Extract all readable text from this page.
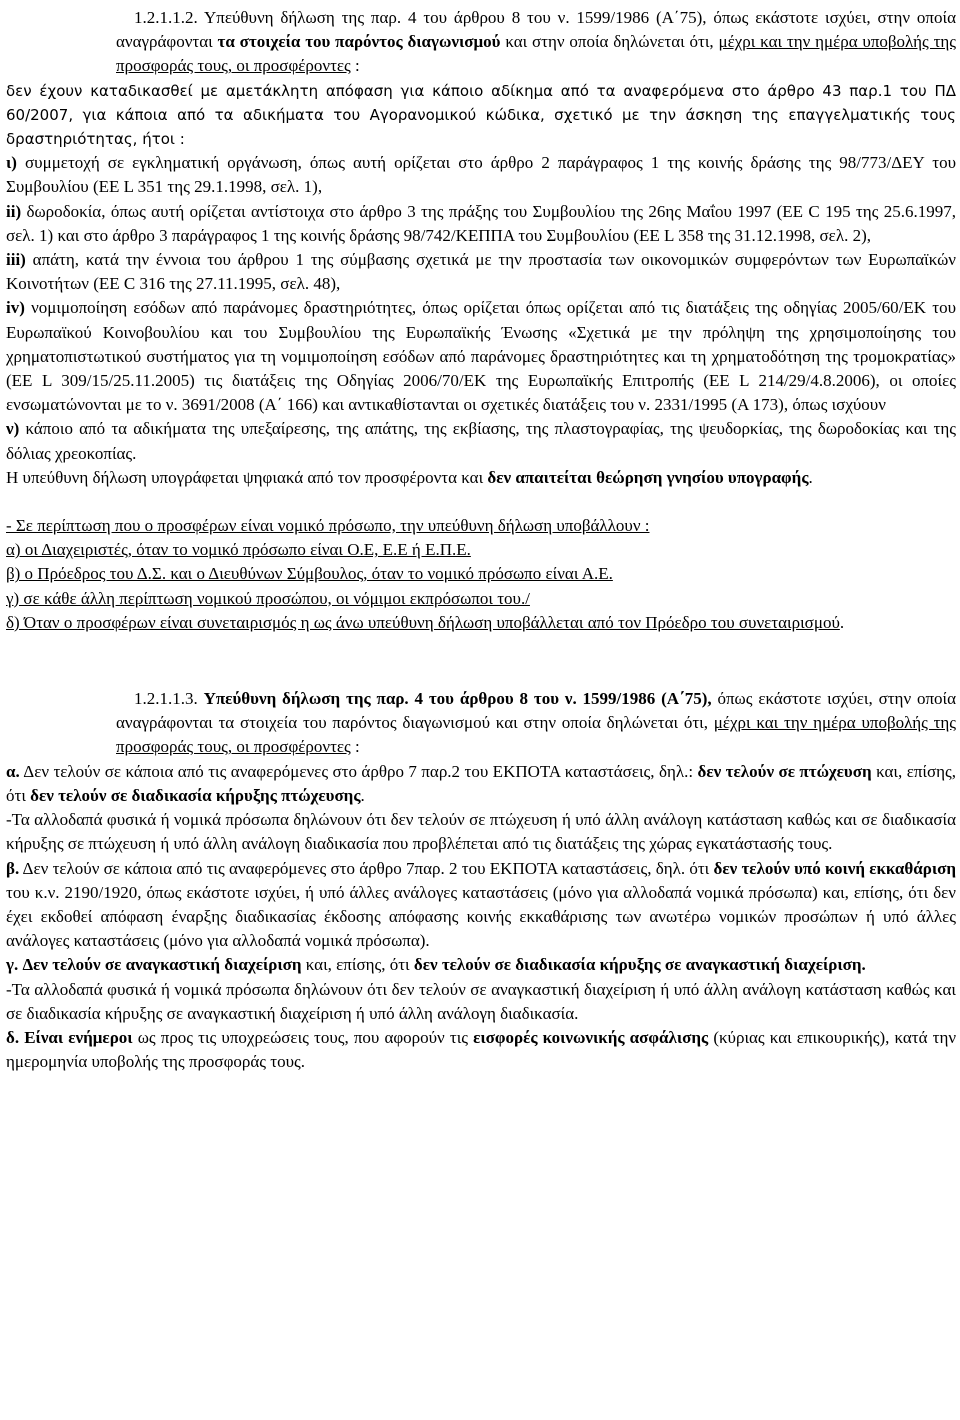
1.2.1.1.2. Υπεύθυνη δήλωση της παρ. 4 του άρθρου 8 του ν. 1599/1986 (Α΄75), όπως εκάστοτε ισχύει, στην οποία αναγράφονται τα στοιχεία του παρόντος διαγωνισμού και στην οποία δηλώνεται ότι, μέχρι και την ημέρα υποβολής της προσφοράς τους, οι προσφέροντες :

δεν έχουν καταδικασθεί με αμετάκλητη απόφαση για κάποιο αδίκημα από τα αναφερόμενα στο άρθρο 43 παρ.1 του ΠΔ 60/2007, για κάποια από τα αδικήματα του Αγορανομικού κώδικα, σχετικό με την άσκηση της επαγγελματικής τους δραστηριότητας, ήτοι :

ι) συμμετοχή σε εγκληματική οργάνωση, όπως αυτή ορίζεται στο άρθρο 2 παράγραφος 1 της κοινής δράσης της 98/773/ΔΕΥ του Συμβουλίου (ΕΕ L 351 της 29.1.1998, σελ. 1),

ii) δωροδοκία, όπως αυτή ορίζεται αντίστοιχα στο άρθρο 3 της πράξης του Συμβουλίου της 26ης Μαΐου 1997 (ΕΕ C 195 της 25.6.1997, σελ. 1) και στο άρθρο 3 παράγραφος 1 της κοινής δράσης 98/742/ΚΕΠΠΑ του Συμβουλίου (ΕΕ L 358 της 31.12.1998, σελ. 2),

iii) απάτη, κατά την έννοια του άρθρου 1 της σύμβασης σχετικά με την προστασία των οικονομικών συμφερόντων των Ευρωπαϊκών Κοινοτήτων (ΕΕ C 316 της 27.11.1995, σελ. 48),

iv) νομιμοποίηση εσόδων από παράνομες δραστηριότητες, όπως ορίζεται όπως ορίζεται από τις διατάξεις της οδηγίας 2005/60/ΕΚ του Ευρωπαϊκού Κοινοβουλίου και του Συμβουλίου της Ευρωπαϊκής Ένωσης «Σχετικά με την πρόληψη της χρησιμοποίησης του χρηματοπιστωτικού συστήματος για τη νομιμοποίηση εσόδων από παράνομες δραστηριότητες και τη χρηματοδότηση της τρομοκρατίας» (ΕΕ L 309/15/25.11.2005) τις διατάξεις της Οδηγίας 2006/70/ΕΚ της Ευρωπαϊκής Επιτροπής (ΕΕ L 214/29/4.8.2006), οι οποίες ενσωματώνονται με το ν. 3691/2008 (Α΄ 166) και αντικαθίστανται οι σχετικές διατάξεις του ν. 2331/1995 (Α 173), όπως ισχύουν

ν) κάποιο από τα αδικήματα της υπεξαίρεσης, της απάτης, της εκβίασης, της πλαστογραφίας, της ψευδορκίας, της δωροδοκίας και της δόλιας χρεοκοπίας.

Η υπεύθυνη δήλωση υπογράφεται ψηφιακά από τον προσφέροντα και δεν απαιτείται θεώρηση γνησίου υπογραφής.

- Σε περίπτωση που ο προσφέρων είναι νομικό πρόσωπο, την υπεύθυνη δήλωση υποβάλλουν :

α) οι Διαχειριστές, όταν το νομικό πρόσωπο είναι Ο.Ε, Ε.Ε ή Ε.Π.Ε.

β) ο Πρόεδρος του Δ.Σ. και ο Διευθύνων Σύμβουλος, όταν το νομικό πρόσωπο είναι Α.Ε.

γ) σε κάθε άλλη περίπτωση νομικού προσώπου, οι νόμιμοι εκπρόσωποι του./

δ) Όταν ο προσφέρων είναι συνεταιρισμός η ως άνω υπεύθυνη δήλωση υποβάλλεται από τον Πρόεδρο του συνεταιρισμού.

1.2.1.1.3. Υπεύθυνη δήλωση της παρ. 4 του άρθρου 8 του ν. 1599/1986 (Α΄75), όπως εκάστοτε ισχύει, στην οποία αναγράφονται τα στοιχεία του παρόντος διαγωνισμού και στην οποία δηλώνεται ότι, μέχρι και την ημέρα υποβολής της προσφοράς τους, οι προσφέροντες :

α. Δεν τελούν σε κάποια από τις αναφερόμενες στο άρθρο 7 παρ.2 του ΕΚΠΟΤΑ καταστάσεις, δηλ.: δεν τελούν σε πτώχευση και, επίσης, ότι δεν τελούν σε διαδικασία κήρυξης πτώχευσης.

-Τα αλλοδαπά φυσικά ή νομικά πρόσωπα δηλώνουν ότι δεν τελούν σε πτώχευση ή υπό άλλη ανάλογη κατάσταση καθώς και σε διαδικασία κήρυξης σε πτώχευση ή υπό άλλη ανάλογη διαδικασία που προβλέπεται από τις διατάξεις της χώρας εγκατάστασής τους.

β. Δεν τελούν σε κάποια από τις αναφερόμενες στο άρθρο 7παρ. 2 του ΕΚΠΟΤΑ καταστάσεις, δηλ. ότι δεν τελούν υπό κοινή εκκαθάριση του κ.ν. 2190/1920, όπως εκάστοτε ισχύει, ή υπό άλλες ανάλογες καταστάσεις (μόνο για αλλοδαπά νομικά πρόσωπα) και, επίσης, ότι δεν έχει εκδοθεί απόφαση έναρξης διαδικασίας έκδοσης απόφασης κοινής εκκαθάρισης των ανωτέρω νομικών προσώπων ή υπό άλλες ανάλογες καταστάσεις (μόνο για αλλοδαπά νομικά πρόσωπα).

γ. Δεν τελούν σε αναγκαστική διαχείριση και, επίσης, ότι δεν τελούν σε διαδικασία κήρυξης σε αναγκαστική διαχείριση.

-Τα αλλοδαπά φυσικά ή νομικά πρόσωπα δηλώνουν ότι δεν τελούν σε αναγκαστική διαχείριση ή υπό άλλη ανάλογη κατάσταση καθώς και σε διαδικασία κήρυξης σε αναγκαστική διαχείριση ή υπό άλλη ανάλογη διαδικασία.

δ. Είναι ενήμεροι ως προς τις υποχρεώσεις τους, που αφορούν τις εισφορές κοινωνικής ασφάλισης (κύριας και επικουρικής), κατά την ημερομηνία υποβολής της προσφοράς τους.
